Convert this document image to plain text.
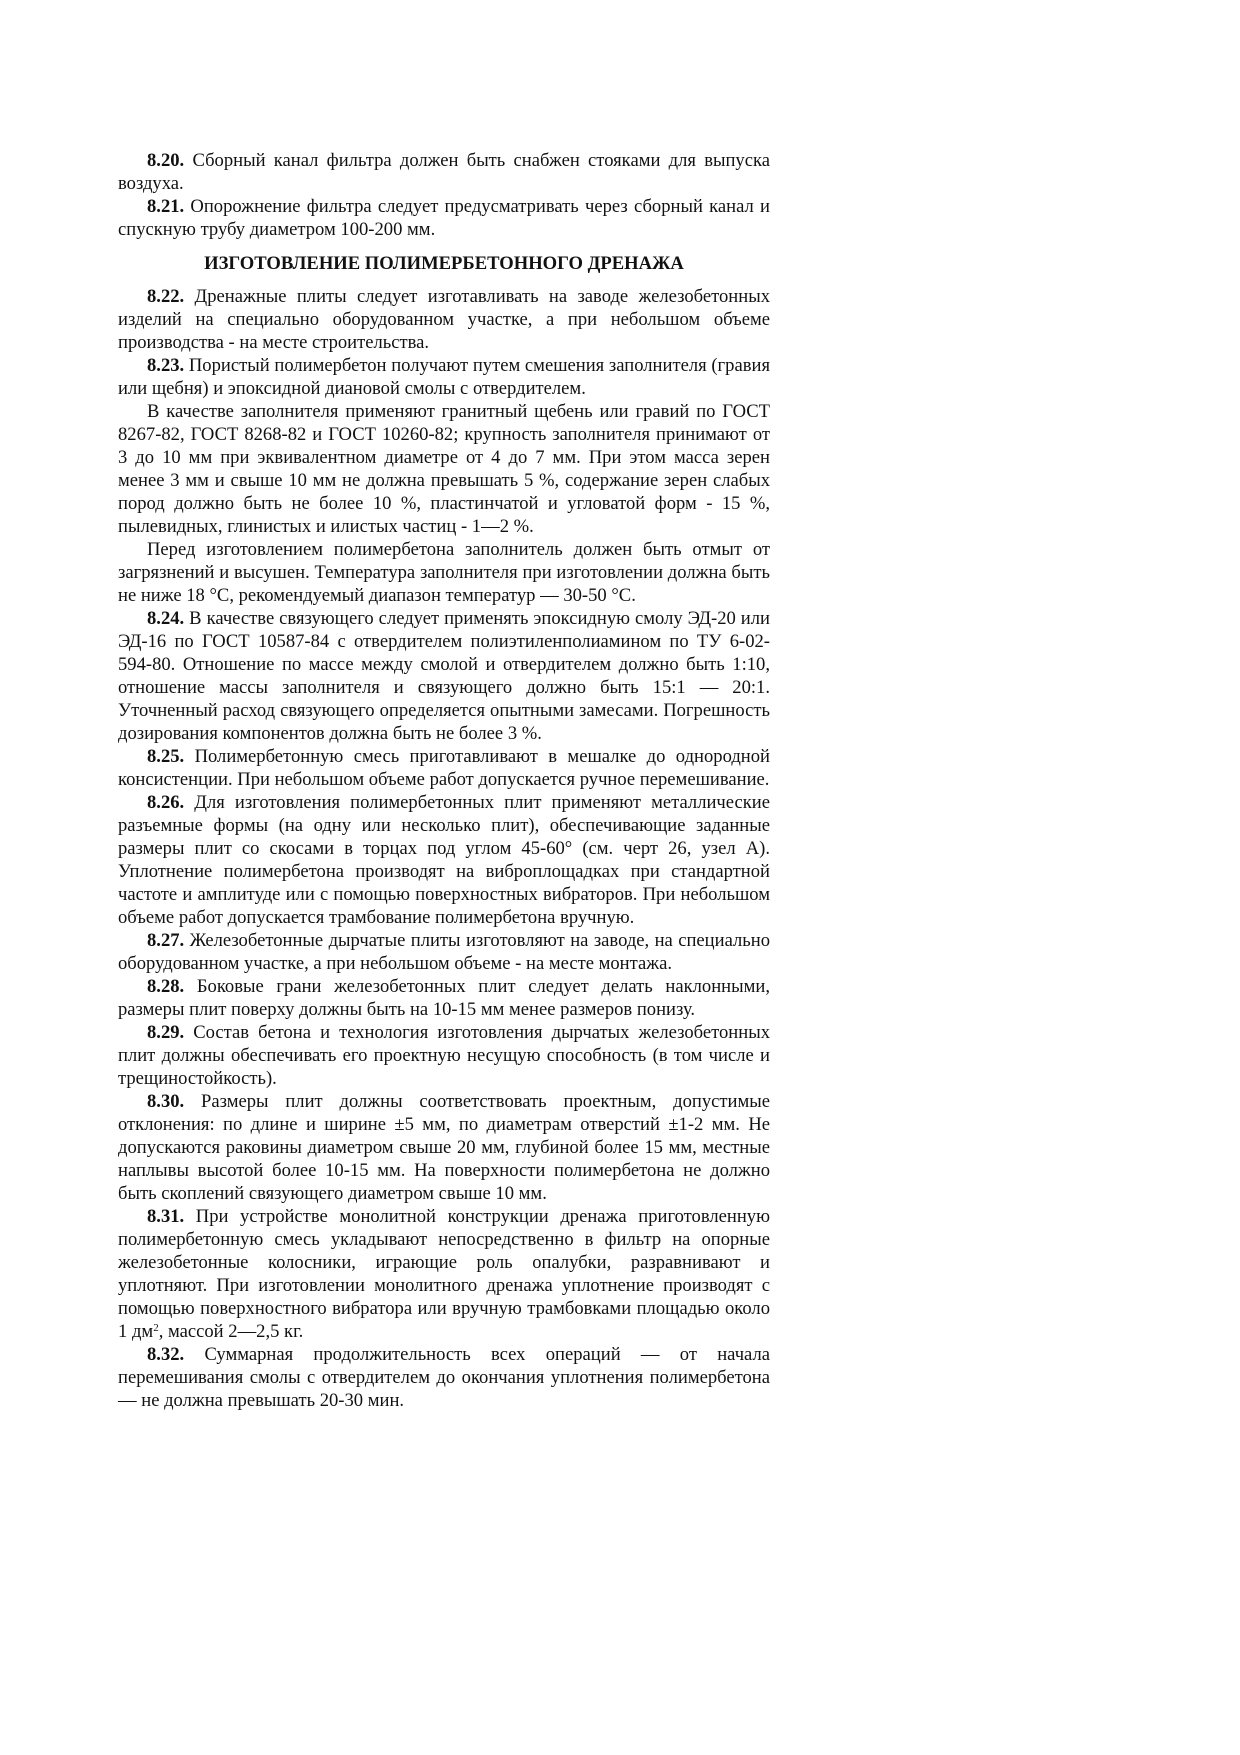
8.20. Сборный канал фильтра должен быть снабжен стояками для выпуска воздуха.

8.21. Опорожнение фильтра следует предусматривать через сборный канал и спускную трубу диаметром 100-200 мм.

ИЗГОТОВЛЕНИЕ ПОЛИМЕРБЕТОННОГО ДРЕНАЖА

8.22. Дренажные плиты следует изготавливать на заводе железобетонных изделий на специально оборудованном участке, а при небольшом объеме производства - на месте строительства.

8.23. Пористый полимербетон получают путем смешения заполнителя (гравия или щебня) и эпоксидной диановой смолы с отвердителем.

В качестве заполнителя применяют гранитный щебень или гравий по ГОСТ 8267-82, ГОСТ 8268-82 и ГОСТ 10260-82; крупность заполнителя принимают от 3 до 10 мм при эквивалентном диаметре от 4 до 7 мм. При этом масса зерен менее 3 мм и свыше 10 мм не должна превышать 5 %, содержание зерен слабых пород должно быть не более 10 %, пластинчатой и угловатой форм - 15 %, пылевидных, глинистых и илистых частиц - 1—2 %.

Перед изготовлением полимербетона заполнитель должен быть отмыт от загрязнений и высушен. Температура заполнителя при изготовлении должна быть не ниже 18 °С, рекомендуемый диапазон температур — 30-50 °С.

8.24. В качестве связующего следует применять эпоксидную смолу ЭД-20 или ЭД-16 по ГОСТ 10587-84 с отвердителем полиэтиленполиамином по ТУ 6-02-594-80. Отношение по массе между смолой и отвердителем должно быть 1:10, отношение массы заполнителя и связующего должно быть 15:1 — 20:1. Уточненный расход связующего определяется опытными замесами. Погрешность дозирования компонентов должна быть не более 3 %.

8.25. Полимербетонную смесь приготавливают в мешалке до однородной консистенции. При небольшом объеме работ допускается ручное перемешивание.

8.26. Для изготовления полимербетонных плит применяют металлические разъемные формы (на одну или несколько плит), обеспечивающие заданные размеры плит со скосами в торцах под углом 45-60° (см. черт 26, узел А). Уплотнение полимербетона производят на виброплощадках при стандартной частоте и амплитуде или с помощью поверхностных вибраторов. При небольшом объеме работ допускается трамбование полимербетона вручную.

8.27. Железобетонные дырчатые плиты изготовляют на заводе, на специально оборудованном участке, а при небольшом объеме - на месте монтажа.

8.28. Боковые грани железобетонных плит следует делать наклонными, размеры плит поверху должны быть на 10-15 мм менее размеров понизу.

8.29. Состав бетона и технология изготовления дырчатых железобетонных плит должны обеспечивать его проектную несущую способность (в том числе и трещиностойкость).

8.30. Размеры плит должны соответствовать проектным, допустимые отклонения: по длине и ширине ±5 мм, по диаметрам отверстий ±1-2 мм. Не допускаются раковины диаметром свыше 20 мм, глубиной более 15 мм, местные наплывы высотой более 10-15 мм. На поверхности полимербетона не должно быть скоплений связующего диаметром свыше 10 мм.

8.31. При устройстве монолитной конструкции дренажа приготовленную полимербетонную смесь укладывают непосредственно в фильтр на опорные железобетонные колосники, играющие роль опалубки, разравнивают и уплотняют. При изготовлении монолитного дренажа уплотнение производят с помощью поверхностного вибратора или вручную трамбовками площадью около 1 $дм^2$, массой 2—2,5 кг.

8.32. Суммарная продолжительность всех операций — от начала перемешивания смолы с отвердителем до окончания уплотнения полимербетона — не должна превышать 20-30 мин.
